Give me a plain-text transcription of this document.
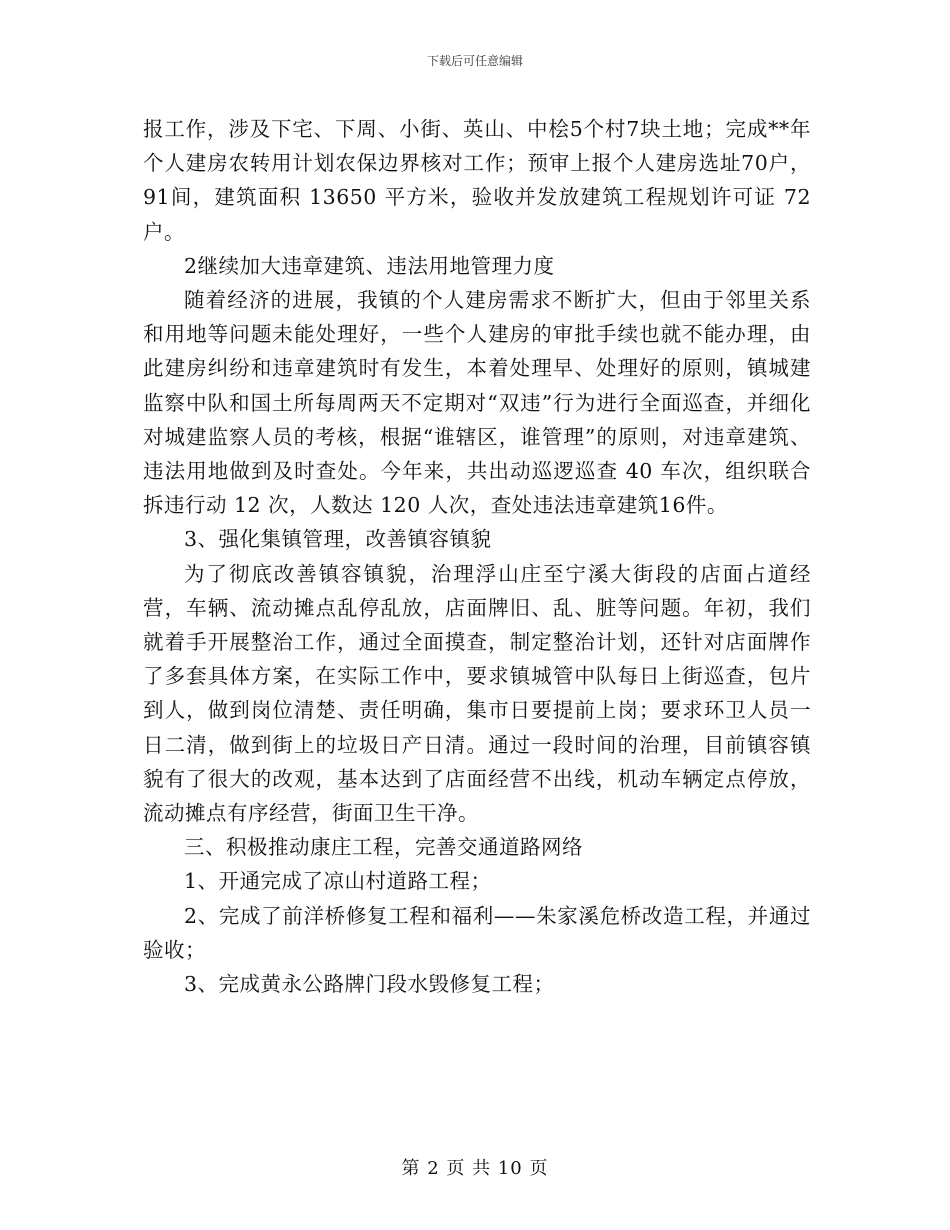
下载后可任意编辑

报工作，涉及下宅、下周、小街、英山、中桧5个村7块土地；完成**年个人建房农转用计划农保边界核对工作；预审上报个人建房选址70户，91间，建筑面积 13650 平方米，验收并发放建筑工程规划许可证 72 户。

2继续加大违章建筑、违法用地管理力度

随着经济的进展，我镇的个人建房需求不断扩大，但由于邻里关系和用地等问题未能处理好，一些个人建房的审批手续也就不能办理，由此建房纠纷和违章建筑时有发生，本着处理早、处理好的原则，镇城建监察中队和国土所每周两天不定期对“双违”行为进行全面巡查，并细化对城建监察人员的考核，根据“谁辖区，谁管理”的原则，对违章建筑、违法用地做到及时查处。今年来，共出动巡逻巡查 40 车次，组织联合拆违行动 12 次，人数达 120 人次，查处违法违章建筑16件。

3、强化集镇管理，改善镇容镇貌

为了彻底改善镇容镇貌，治理浮山庄至宁溪大街段的店面占道经营，车辆、流动摊点乱停乱放，店面牌旧、乱、脏等问题。年初，我们就着手开展整治工作，通过全面摸查，制定整治计划，还针对店面牌作了多套具体方案，在实际工作中，要求镇城管中队每日上街巡查，包片到人，做到岗位清楚、责任明确，集市日要提前上岗；要求环卫人员一日二清，做到街上的垃圾日产日清。通过一段时间的治理，目前镇容镇貌有了很大的改观，基本达到了店面经营不出线，机动车辆定点停放，流动摊点有序经营，街面卫生干净。

三、积极推动康庄工程，完善交通道路网络

1、开通完成了凉山村道路工程；

2、完成了前洋桥修复工程和福利——朱家溪危桥改造工程，并通过验收；

3、完成黄永公路牌门段水毁修复工程；

第 2 页 共 10 页
